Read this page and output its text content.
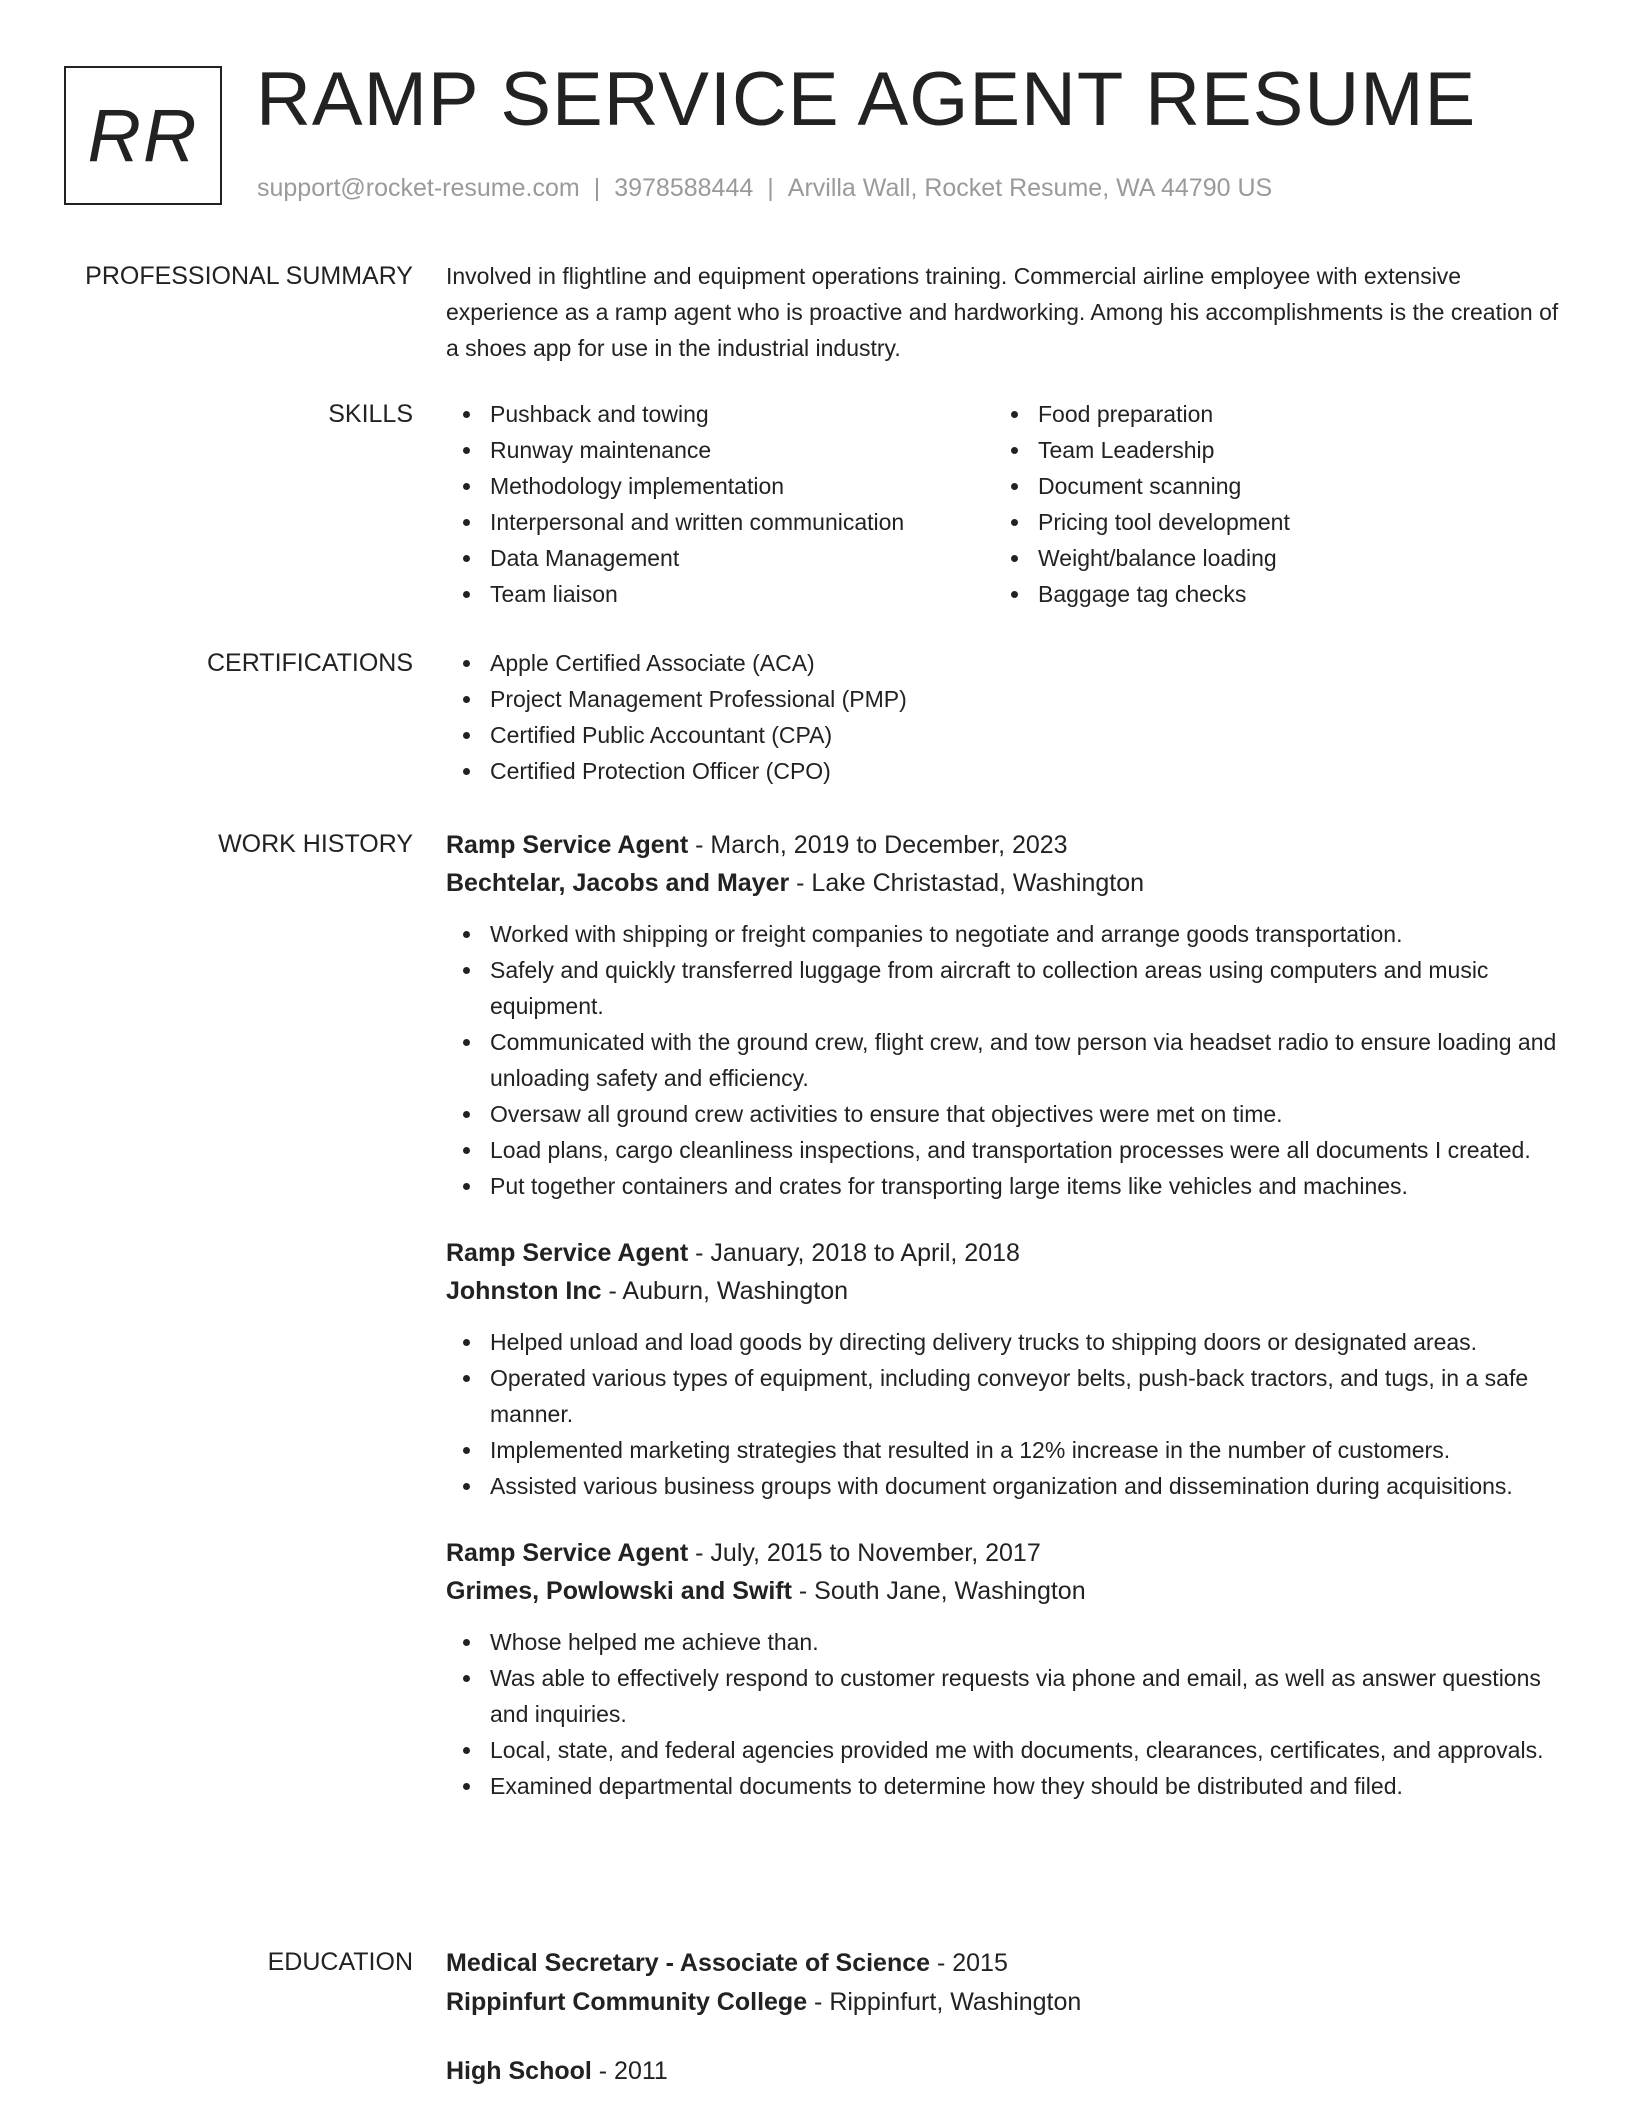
RR RAMP SERVICE AGENT RESUME
support@rocket-resume.com | 3978588444 | Arvilla Wall, Rocket Resume, WA 44790 US
PROFESSIONAL SUMMARY Involved in flightline and equipment operations training. Commercial airline employee with extensive experience as a ramp agent who is proactive and hardworking. Among his accomplishments is the creation of a shoes app for use in the industrial industry.

SKILLS	Pushback and towing
Runway maintenance
Methodology implementation
Interpersonal and written communication
Data Management
Team liaison
Food preparation
Team Leadership
Document scanning
Pricing tool development
Weight/balance loading
Baggage tag checks
CERTIFICATIONS	Apple Certified Associate (ACA)
Project Management Professional (PMP)
Certified Public Accountant (CPA)
Certified Protection Officer (CPO)
WORK HISTORY Ramp Service Agent - March, 2019 to December, 2023
Bechtelar, Jacobs and Mayer - Lake Christastad, Washington
Worked with shipping or freight companies to negotiate and arrange goods transportation.
Safely and quickly transferred luggage from aircraft to collection areas using computers and music equipment.
Communicated with the ground crew, flight crew, and tow person via headset radio to ensure loading and unloading safety and efficiency.
Oversaw all ground crew activities to ensure that objectives were met on time.
Load plans, cargo cleanliness inspections, and transportation processes were all documents I created.
Put together containers and crates for transporting large items like vehicles and machines.
Ramp Service Agent - January, 2018 to April, 2018
Johnston Inc - Auburn, Washington
Helped unload and load goods by directing delivery trucks to shipping doors or designated areas.
Operated various types of equipment, including conveyor belts, push-back tractors, and tugs, in a safe manner.
Implemented marketing strategies that resulted in a 12% increase in the number of customers.
Assisted various business groups with document organization and dissemination during acquisitions.
Ramp Service Agent - July, 2015 to November, 2017
Grimes, Powlowski and Swift - South Jane, Washington
Whose helped me achieve than.
Was able to effectively respond to customer requests via phone and email, as well as answer questions and inquiries.
Local, state, and federal agencies provided me with documents, clearances, certificates, and approvals.
Examined departmental documents to determine how they should be distributed and filed.
EDUCATION Medical Secretary - Associate of Science - 2015
Rippinfurt Community College - Rippinfurt, Washington
High School - 2011
